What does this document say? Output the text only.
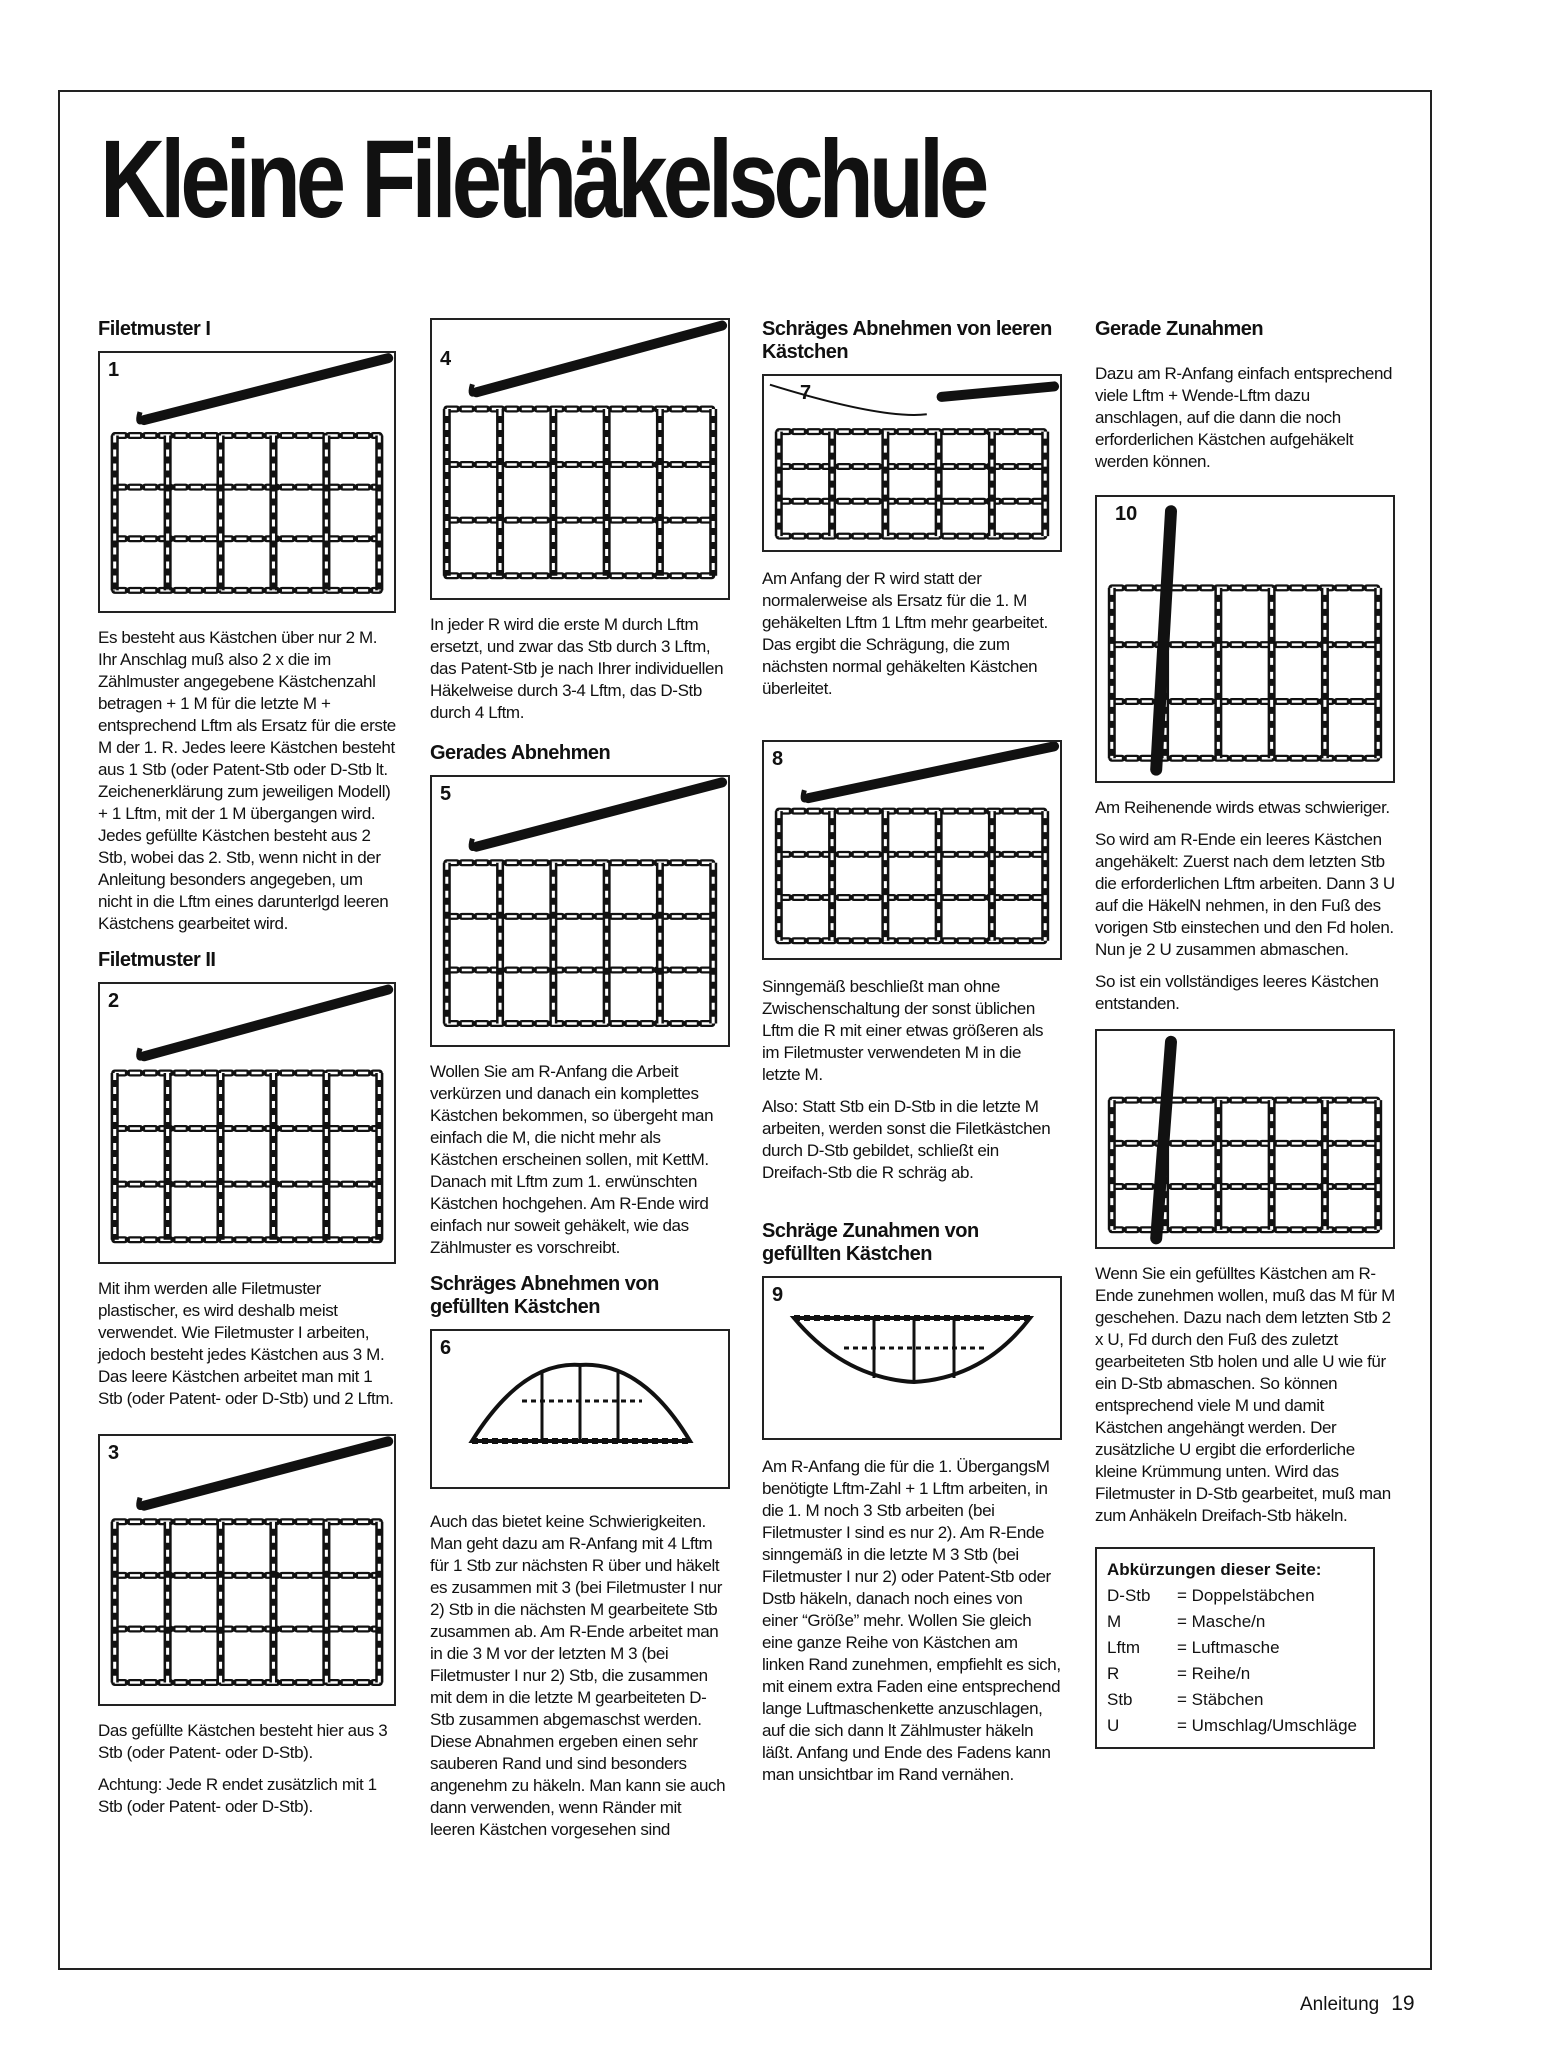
Kleine Filethäkelschule
Filetmuster I
1

Es besteht aus Kästchen über nur 2 M. Ihr Anschlag muß also 2 x die im Zählmuster angegebene Kästchenzahl betragen + 1 M für die letzte M + entsprechend Lftm als Ersatz für die erste M der 1. R. Jedes leere Kästchen besteht aus 1 Stb (oder Patent-Stb oder D-Stb lt. Zeichenerklärung zum jeweiligen Modell) + 1 Lftm, mit der 1 M übergangen wird. Jedes gefüllte Kästchen besteht aus 2 Stb, wobei das 2. Stb, wenn nicht in der Anleitung besonders angegeben, um nicht in die Lftm eines darunterlgd leeren Kästchens gearbeitet wird.

Filetmuster II
2

Mit ihm werden alle Filetmuster plastischer, es wird deshalb meist verwendet. Wie Filetmuster I arbeiten, jedoch besteht jedes Kästchen aus 3 M. Das leere Kästchen arbeitet man mit 1 Stb (oder Patent- oder D-Stb) und 2 Lftm.

3

Das gefüllte Kästchen besteht hier aus 3 Stb (oder Patent- oder D-Stb).

Achtung: Jede R endet zusätzlich mit 1 Stb (oder Patent- oder D-Stb).

4

In jeder R wird die erste M durch Lftm ersetzt, und zwar das Stb durch 3 Lftm, das Patent-Stb je nach Ihrer individuellen Häkelweise durch 3-4 Lftm, das D-Stb durch 4 Lftm.

Gerades Abnehmen
5

Wollen Sie am R-Anfang die Arbeit verkürzen und danach ein komplettes Kästchen bekommen, so übergeht man einfach die M, die nicht mehr als Kästchen erscheinen sollen, mit KettM. Danach mit Lftm zum 1. erwünschten Kästchen hochgehen. Am R-Ende wird einfach nur soweit gehäkelt, wie das Zählmuster es vorschreibt.

Schräges Abnehmen von gefüllten Kästchen
6

Auch das bietet keine Schwierigkeiten. Man geht dazu am R-Anfang mit 4 Lftm für 1 Stb zur nächsten R über und häkelt es zusammen mit 3 (bei Filetmuster I nur 2) Stb in die nächsten M gearbeitete Stb zusammen ab. Am R-Ende arbeitet man in die 3 M vor der letzten M 3 (bei Filetmuster I nur 2) Stb, die zusammen mit dem in die letzte M gearbeiteten D-Stb zusammen abgemaschst werden. Diese Abnahmen ergeben einen sehr sauberen Rand und sind besonders angenehm zu häkeln. Man kann sie auch dann verwenden, wenn Ränder mit leeren Kästchen vorgesehen sind

Schräges Abnehmen von leeren Kästchen
7

Am Anfang der R wird statt der normalerweise als Ersatz für die 1. M gehäkelten Lftm 1 Lftm mehr gearbeitet. Das ergibt die Schrägung, die zum nächsten normal gehäkelten Kästchen überleitet.

8

Sinngemäß beschließt man ohne Zwischenschaltung der sonst üblichen Lftm die R mit einer etwas größeren als im Filetmuster verwendeten M in die letzte M.

Also: Statt Stb ein D-Stb in die letzte M arbeiten, werden sonst die Filetkästchen durch D-Stb gebildet, schließt ein Dreifach-Stb die R schräg ab.

Schräge Zunahmen von gefüllten Kästchen
9

Am R-Anfang die für die 1. ÜbergangsM benötigte Lftm-Zahl + 1 Lftm arbeiten, in die 1. M noch 3 Stb arbeiten (bei Filetmuster I sind es nur 2). Am R-Ende sinngemäß in die letzte M 3 Stb (bei Filetmuster I nur 2) oder Patent-Stb oder Dstb häkeln, danach noch eines von einer “Größe” mehr. Wollen Sie gleich eine ganze Reihe von Kästchen am linken Rand zunehmen, empfiehlt es sich, mit einem extra Faden eine entsprechend lange Luftmaschenkette anzuschlagen, auf die sich dann lt Zählmuster häkeln läßt. Anfang und Ende des Fadens kann man unsichtbar im Rand vernähen.

Gerade Zunahmen

Dazu am R-Anfang einfach entsprechend viele Lftm + Wende-Lftm dazu anschlagen, auf die dann die noch erforderlichen Kästchen aufgehäkelt werden können.

10

Am Reihenende wirds etwas schwieriger.

So wird am R-Ende ein leeres Kästchen angehäkelt: Zuerst nach dem letzten Stb die erforderlichen Lftm arbeiten. Dann 3 U auf die HäkelN nehmen, in den Fuß des vorigen Stb einstechen und den Fd holen. Nun je 2 U zusammen abmaschen.

So ist ein vollständiges leeres Kästchen entstanden.

Wenn Sie ein gefülltes Kästchen am R-Ende zunehmen wollen, muß das M für M geschehen. Dazu nach dem letzten Stb 2 x U, Fd durch den Fuß des zuletzt gearbeiteten Stb holen und alle U wie für ein D-Stb abmaschen. So können entsprechend viele M und damit Kästchen angehängt werden. Der zusätzliche U ergibt die erforderliche kleine Krümmung unten. Wird das Filetmuster in D-Stb gearbeitet, muß man zum Anhäkeln Dreifach-Stb häkeln.

Abkürzungen dieser Seite:
D-Stb	= Doppelstäbchen
M	= Masche/n
Lftm	= Luftmasche
R	= Reihe/n
Stb	= Stäbchen
U	= Umschlag/Umschläge
Anleitung 19
